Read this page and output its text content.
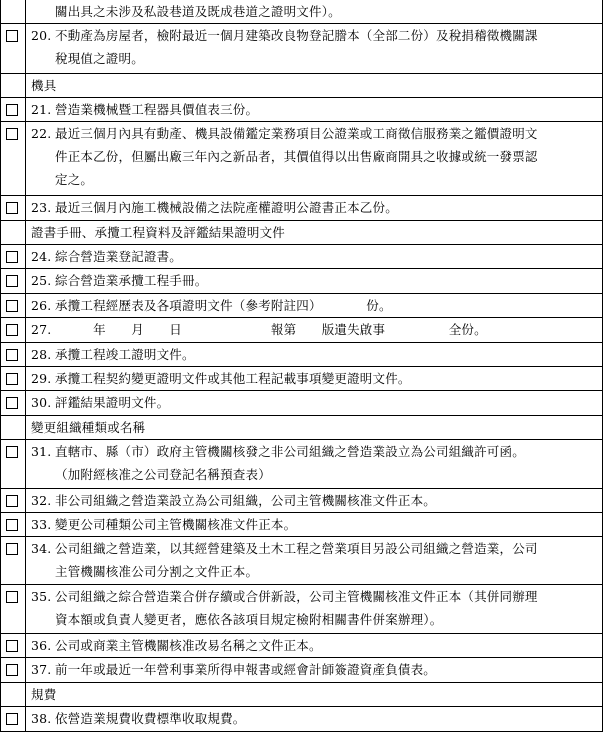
關出具之未涉及私設巷道及既成巷道之證明文件）。
20. 不動產為房屋者，檢附最近一個月建築改良物登記謄本（全部二份）及稅捐稽徵機關課
稅現值之證明。
機具
21. 營造業機械暨工程器具價值表三份。
22. 最近三個月內具有動產、機具設備鑑定業務項目公證業或工商徵信服務業之鑑價證明文
件正本乙份，但屬出廠三年內之新品者，其價值得以出售廠商開具之收據或統一發票認
定之。
23. 最近三個月內施工機械設備之法院產權證明公證書正本乙份。
證書手冊、承攬工程資料及評鑑結果證明文件
24. 綜合營造業登記證書。
25. 綜合營造業承攬工程手冊。
26. 承攬工程經歷表及各項證明文件（參考附註四）　　　　份。
27.　　　年　　月　　日　　　　　　　報第　　版遺失啟事　　　　　全份。
28. 承攬工程竣工證明文件。
29. 承攬工程契約變更證明文件或其他工程記載事項變更證明文件。
30. 評鑑結果證明文件。
變更組織種類或名稱
31. 直轄市、縣（市）政府主管機關核發之非公司組織之營造業設立為公司組織許可函。
（加附經核准之公司登記名稱預查表）
32. 非公司組織之營造業設立為公司組織，公司主管機關核准文件正本。
33. 變更公司種類公司主管機關核准文件正本。
34. 公司組織之營造業，以其經營建築及土木工程之營業項目另設公司組織之營造業，公司
主管機關核准公司分割之文件正本。
35. 公司組織之綜合營造業合併存續或合併新設，公司主管機關核准文件正本（其併同辦理
資本額或負責人變更者，應依各該項目規定檢附相關書件併案辦理）。
36. 公司或商業主管機關核准改易名稱之文件正本。
37. 前一年或最近一年營利事業所得申報書或經會計師簽證資產負債表。
規費
38. 依營造業規費收費標準收取規費。
